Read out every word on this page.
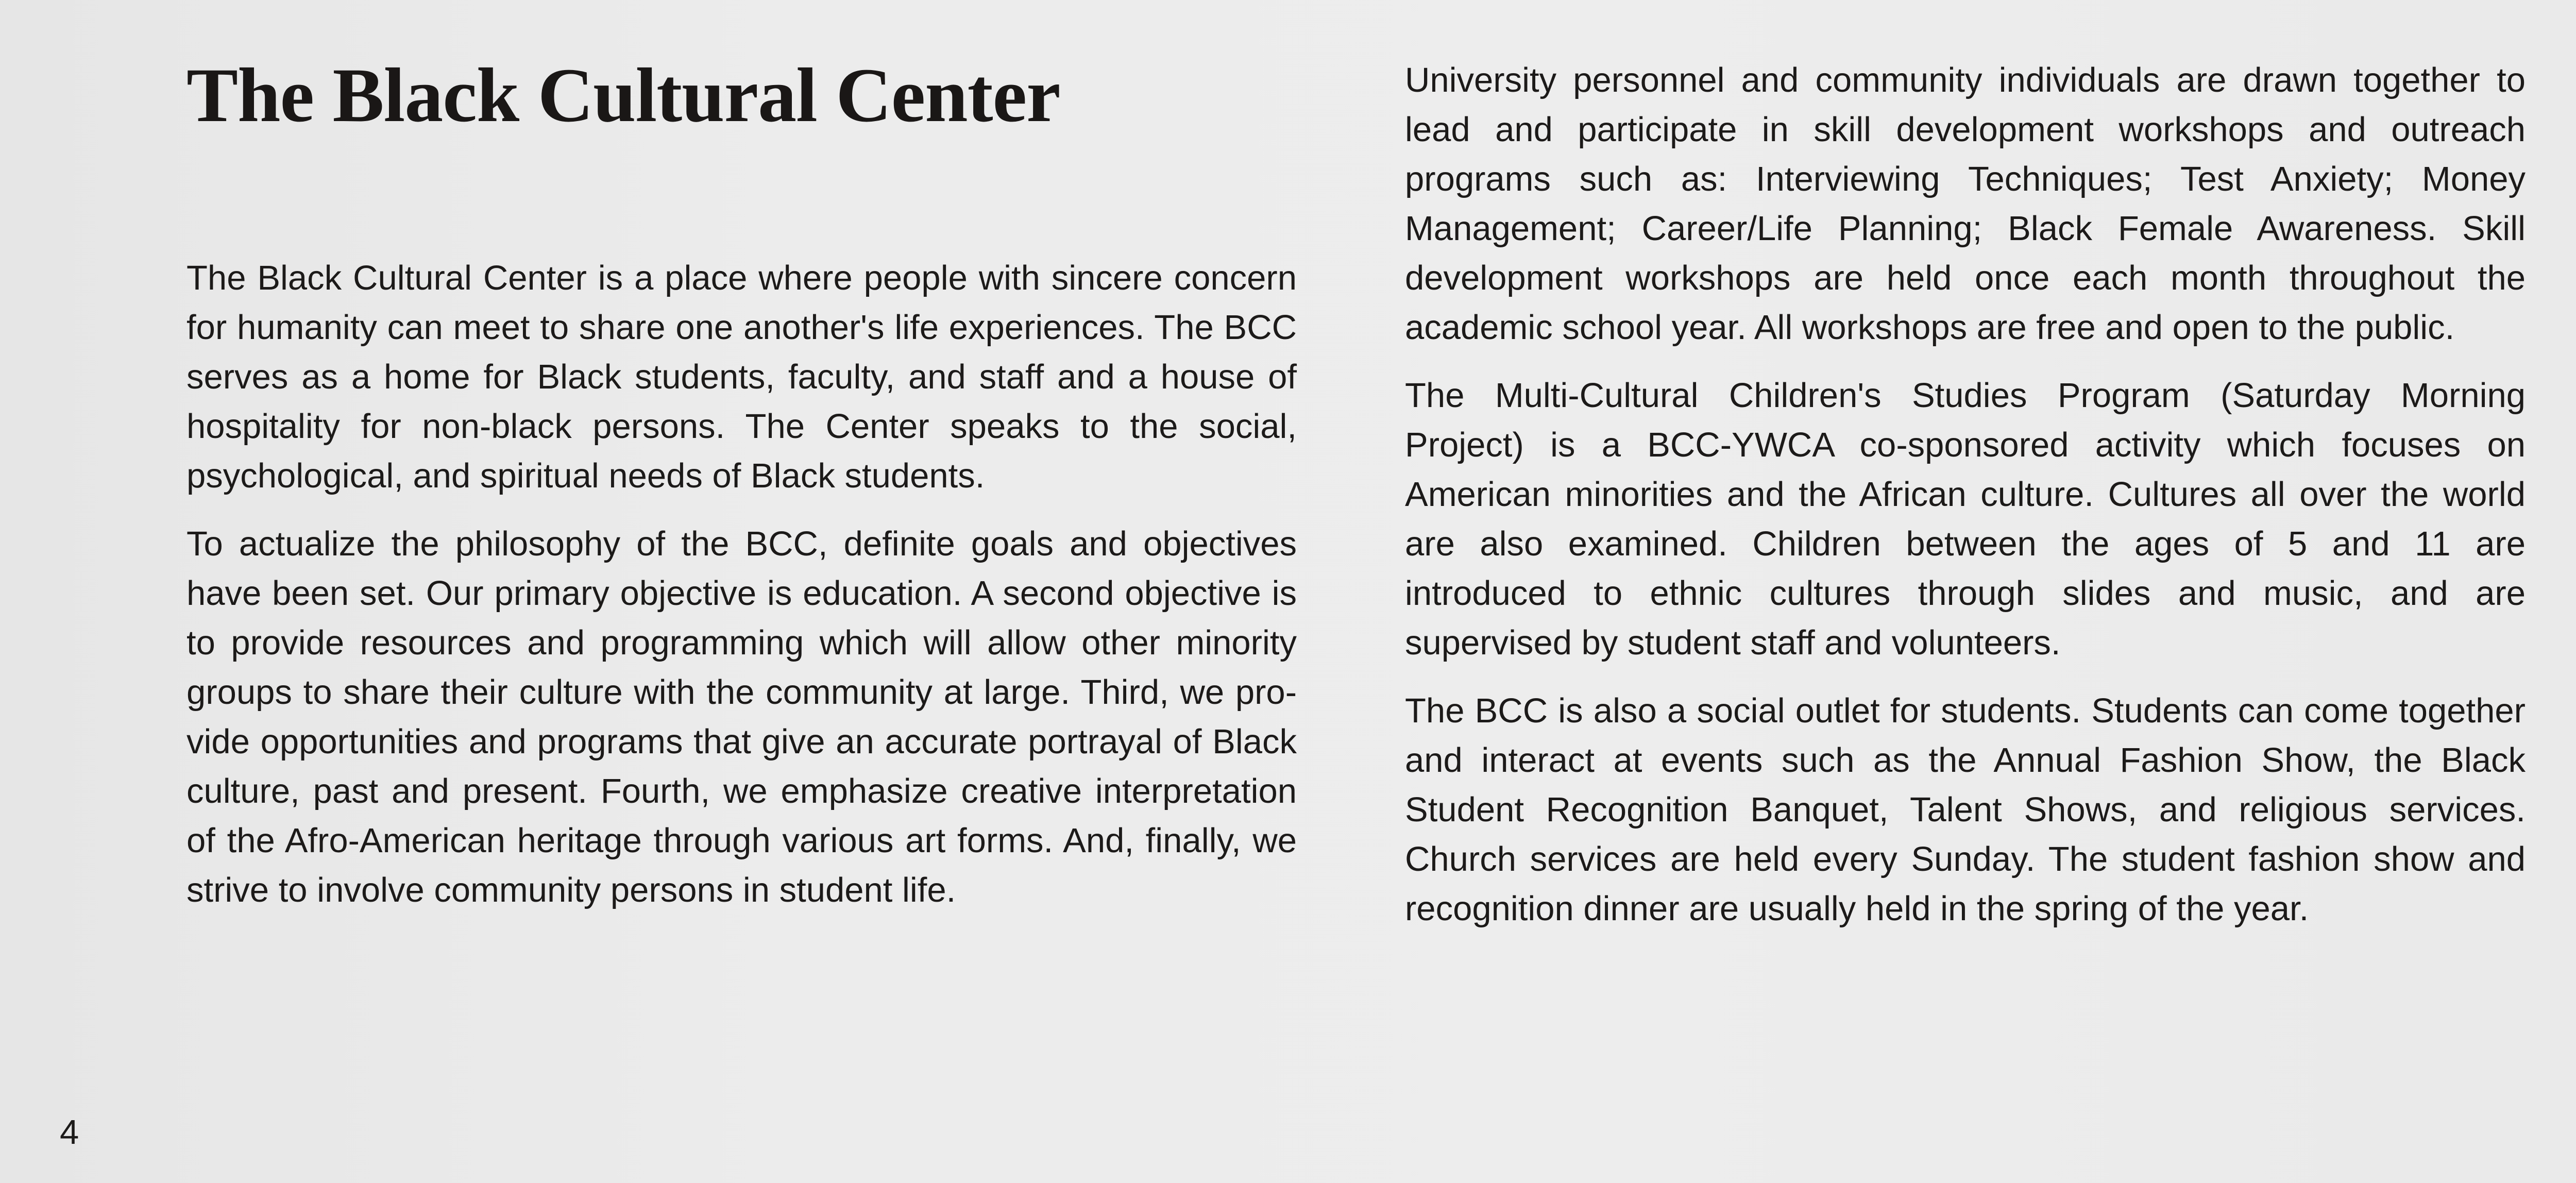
The Black Cultural Center

The Black Cultural Center is a place where people with sincere concern for humanity can meet to share one another's life experiences. The BCC serves as a home for Black students, faculty, and staff and a house of hospitality for non-black persons. The Center speaks to the social, psychological, and spiritual needs of Black students.

To actualize the philosophy of the BCC, definite goals and objectives have been set. Our primary objective is education. A second objective is to provide resources and programming which will allow other minority groups to share their culture with the community at large. Third, we provide opportunities and programs that give an accurate portrayal of Black culture, past and present. Fourth, we emphasize creative interpretation of the Afro-American heritage through various art forms. And, finally, we strive to involve community persons in student life.

University personnel and community individuals are drawn together to lead and participate in skill development workshops and outreach programs such as: Interviewing Techniques; Test Anxiety; Money Management; Career/Life Planning; Black Female Awareness. Skill development workshops are held once each month throughout the academic school year. All workshops are free and open to the public.

The Multi-Cultural Children's Studies Program (Saturday Morning Project) is a BCC-YWCA co-sponsored activity which focuses on American minorities and the African culture. Cultures all over the world are also examined. Children between the ages of 5 and 11 are introduced to ethnic cultures through slides and music, and are supervised by student staff and volunteers.

The BCC is also a social outlet for students. Students can come together and interact at events such as the Annual Fashion Show, the Black Student Recognition Banquet, Talent Shows, and religious services. Church services are held every Sunday. The student fashion show and recognition dinner are usually held in the spring of the year.

4
